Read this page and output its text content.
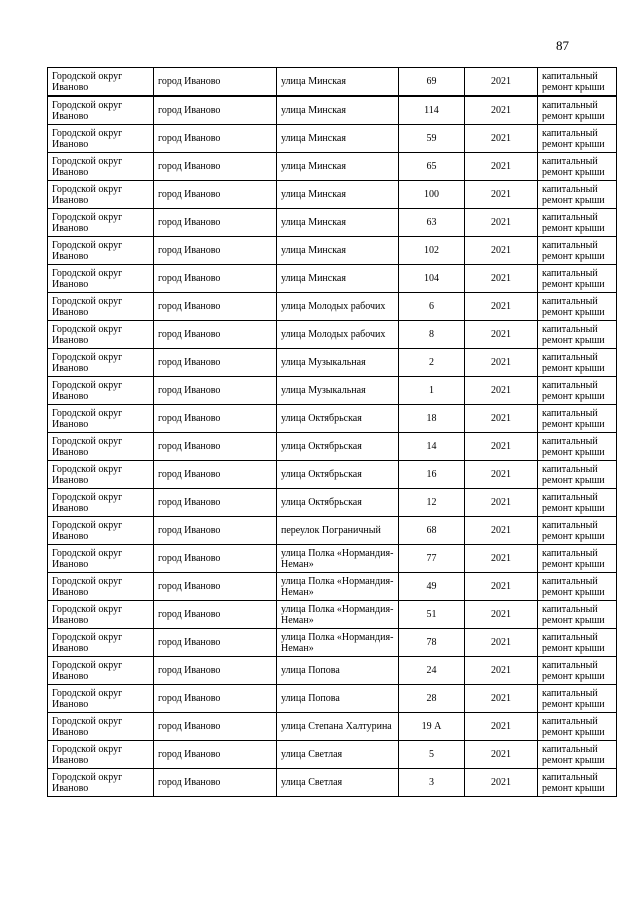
87
Городской округ Иваново	город Иваново	улица Минская	69	2021	капитальный ремонт крыши
Городской округ Иваново	город Иваново	улица Минская	114	2021	капитальный ремонт крыши
Городской округ Иваново	город Иваново	улица Минская	59	2021	капитальный ремонт крыши
Городской округ Иваново	город Иваново	улица Минская	65	2021	капитальный ремонт крыши
Городской округ Иваново	город Иваново	улица Минская	100	2021	капитальный ремонт крыши
Городской округ Иваново	город Иваново	улица Минская	63	2021	капитальный ремонт крыши
Городской округ Иваново	город Иваново	улица Минская	102	2021	капитальный ремонт крыши
Городской округ Иваново	город Иваново	улица Минская	104	2021	капитальный ремонт крыши
Городской округ Иваново	город Иваново	улица Молодых рабочих	6	2021	капитальный ремонт крыши
Городской округ Иваново	город Иваново	улица Молодых рабочих	8	2021	капитальный ремонт крыши
Городской округ Иваново	город Иваново	улица Музыкальная	2	2021	капитальный ремонт крыши
Городской округ Иваново	город Иваново	улица Музыкальная	1	2021	капитальный ремонт крыши
Городской округ Иваново	город Иваново	улица Октябрьская	18	2021	капитальный ремонт крыши
Городской округ Иваново	город Иваново	улица Октябрьская	14	2021	капитальный ремонт крыши
Городской округ Иваново	город Иваново	улица Октябрьская	16	2021	капитальный ремонт крыши
Городской округ Иваново	город Иваново	улица Октябрьская	12	2021	капитальный ремонт крыши
Городской округ Иваново	город Иваново	переулок Пограничный	68	2021	капитальный ремонт крыши
Городской округ Иваново	город Иваново	улица Полка «Нормандия-Неман»	77	2021	капитальный ремонт крыши
Городской округ Иваново	город Иваново	улица Полка «Нормандия-Неман»	49	2021	капитальный ремонт крыши
Городской округ Иваново	город Иваново	улица Полка «Нормандия-Неман»	51	2021	капитальный ремонт крыши
Городской округ Иваново	город Иваново	улица Полка «Нормандия-Неман»	78	2021	капитальный ремонт крыши
Городской округ Иваново	город Иваново	улица Попова	24	2021	капитальный ремонт крыши
Городской округ Иваново	город Иваново	улица Попова	28	2021	капитальный ремонт крыши
Городской округ Иваново	город Иваново	улица Степана Халтурина	19 А	2021	капитальный ремонт крыши
Городской округ Иваново	город Иваново	улица Светлая	5	2021	капитальный ремонт крыши
Городской округ Иваново	город Иваново	улица Светлая	3	2021	капитальный ремонт крыши
